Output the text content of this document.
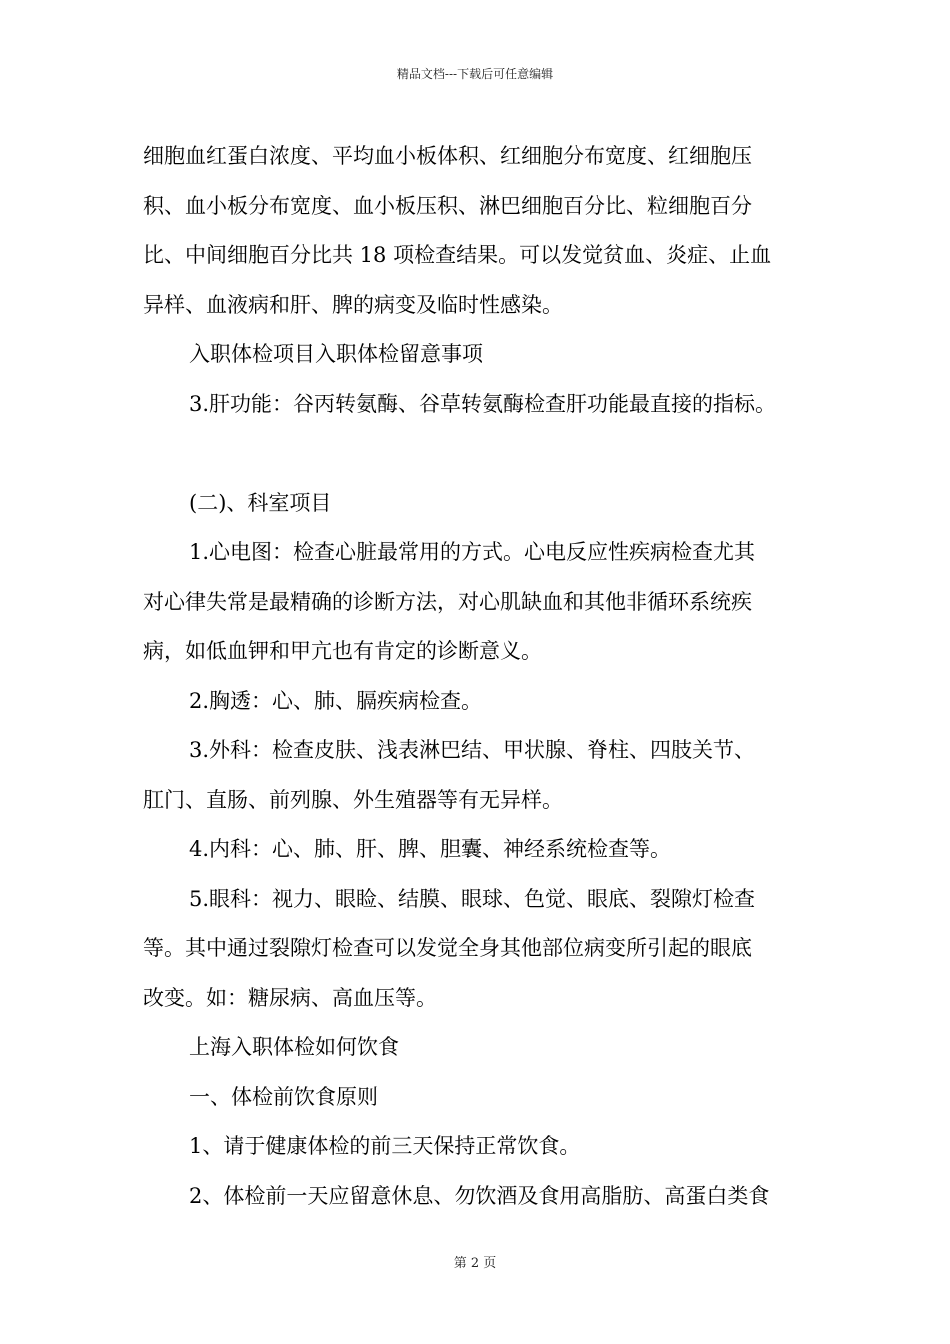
精品文档---下载后可任意编辑
细胞血红蛋白浓度、平均血小板体积、红细胞分布宽度、红细胞压
积、血小板分布宽度、血小板压积、淋巴细胞百分比、粒细胞百分
比、中间细胞百分比共 18 项检查结果。可以发觉贫血、炎症、止血
异样、血液病和肝、脾的病变及临时性感染。
入职体检项目入职体检留意事项
3.肝功能：谷丙转氨酶、谷草转氨酶检查肝功能最直接的指标。
(二)、科室项目
1.心电图：检查心脏最常用的方式。心电反应性疾病检查尤其
对心律失常是最精确的诊断方法，对心肌缺血和其他非循环系统疾
病，如低血钾和甲亢也有肯定的诊断意义。
2.胸透：心、肺、膈疾病检查。
3.外科：检查皮肤、浅表淋巴结、甲状腺、脊柱、四肢关节、
肛门、直肠、前列腺、外生殖器等有无异样。
4.内科：心、肺、肝、脾、胆囊、神经系统检查等。
5.眼科：视力、眼睑、结膜、眼球、色觉、眼底、裂隙灯检查
等。其中通过裂隙灯检查可以发觉全身其他部位病变所引起的眼底
改变。如：糖尿病、高血压等。
上海入职体检如何饮食
一、体检前饮食原则
1、请于健康体检的前三天保持正常饮食。
2、体检前一天应留意休息、勿饮酒及食用高脂肪、高蛋白类食
第 2 页
